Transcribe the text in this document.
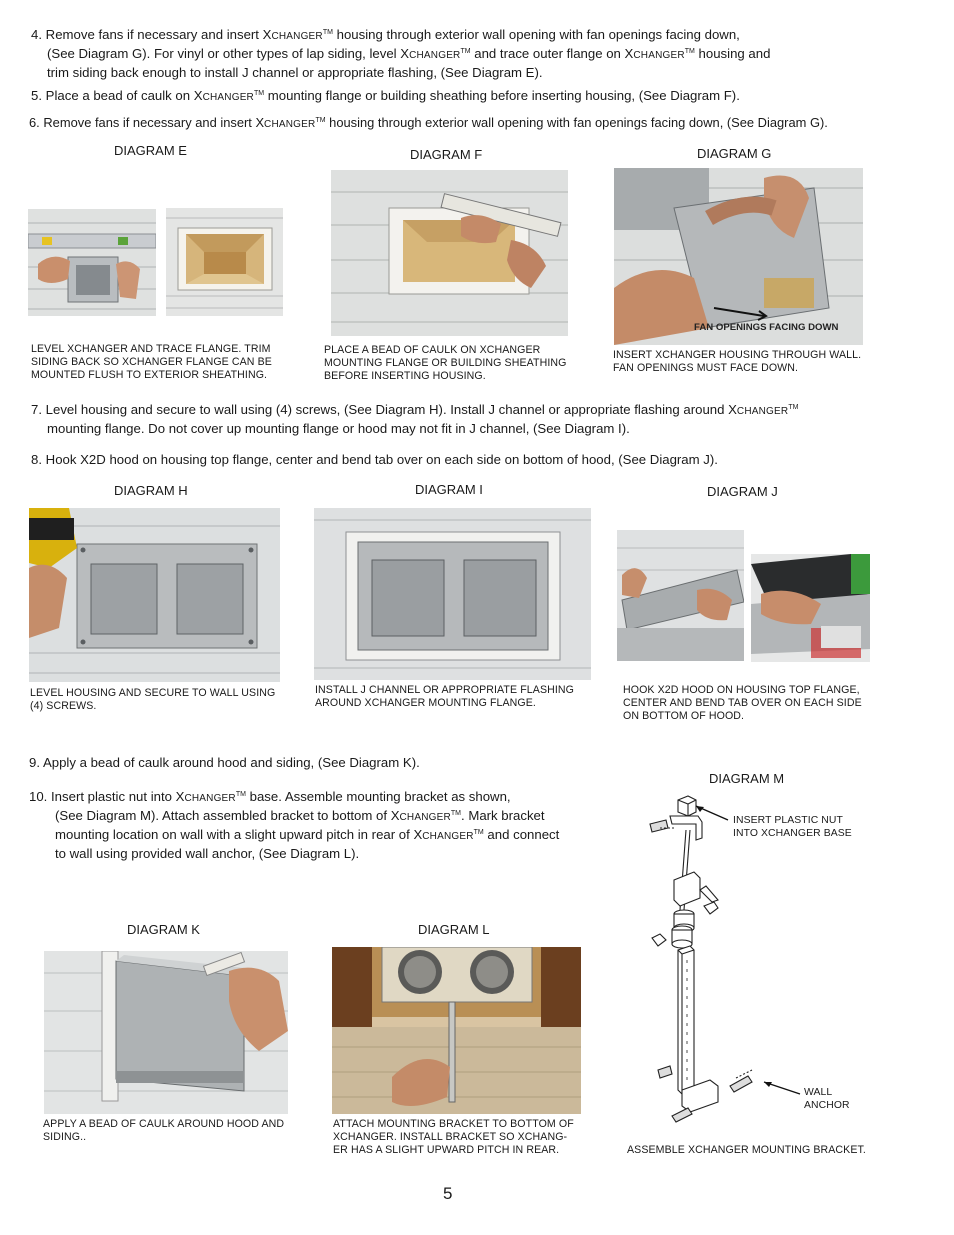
4. Remove fans if necessary and insert XCHANGER™ housing through exterior wall opening with fan openings facing down,
(See Diagram G). For vinyl or other types of lap siding, level XCHANGER™ and trace outer flange on XCHANGER™ housing and
trim siding back enough to install J channel or appropriate flashing, (See Diagram E).
5. Place a bead of caulk on XCHANGER™ mounting flange or building sheathing before inserting housing, (See Diagram F).
6. Remove fans if necessary and insert XCHANGER™ housing through exterior wall opening with fan openings facing down, (See Diagram G).
DIAGRAM E
LEVEL XCHANGER AND TRACE FLANGE. TRIM
SIDING BACK SO XCHANGER FLANGE CAN BE
MOUNTED FLUSH TO EXTERIOR SHEATHING.
DIAGRAM F
PLACE A BEAD OF CAULK ON XCHANGER
MOUNTING FLANGE OR BUILDING SHEATHING
BEFORE INSERTING HOUSING.
DIAGRAM G
FAN OPENINGS FACING DOWN
INSERT XCHANGER HOUSING THROUGH WALL.
FAN OPENINGS MUST FACE DOWN.
7. Level housing and secure to wall using (4) screws, (See Diagram H). Install J channel or appropriate flashing around XCHANGER™
mounting flange. Do not cover up mounting flange or hood may not fit in J channel, (See Diagram I).
8. Hook X2D hood on housing top flange, center and bend tab over on each side on bottom of hood, (See Diagram J).
DIAGRAM H
LEVEL HOUSING AND SECURE TO WALL USING
(4) SCREWS.
DIAGRAM I
INSTALL J CHANNEL OR APPROPRIATE FLASHING
AROUND XCHANGER MOUNTING FLANGE.
DIAGRAM J
HOOK X2D HOOD ON HOUSING TOP FLANGE,
CENTER AND BEND TAB OVER ON EACH SIDE
ON BOTTOM OF HOOD.
9. Apply a bead of caulk around hood and siding, (See Diagram K).
10. Insert plastic nut into XCHANGER™ base. Assemble mounting bracket as shown,
(See Diagram M). Attach assembled bracket to bottom of XCHANGER™. Mark bracket
mounting location on wall with a slight upward pitch in rear of XCHANGER™ and connect
to wall using provided wall anchor, (See Diagram L).
DIAGRAM K
APPLY A BEAD OF CAULK AROUND HOOD AND
SIDING..
DIAGRAM L
ATTACH MOUNTING BRACKET TO BOTTOM OF
XCHANGER. INSTALL BRACKET SO XCHANG-
ER HAS A SLIGHT UPWARD PITCH IN REAR.
DIAGRAM M
INSERT PLASTIC NUT
INTO XCHANGER BASE
WALL
ANCHOR
ASSEMBLE XCHANGER MOUNTING BRACKET.
5
